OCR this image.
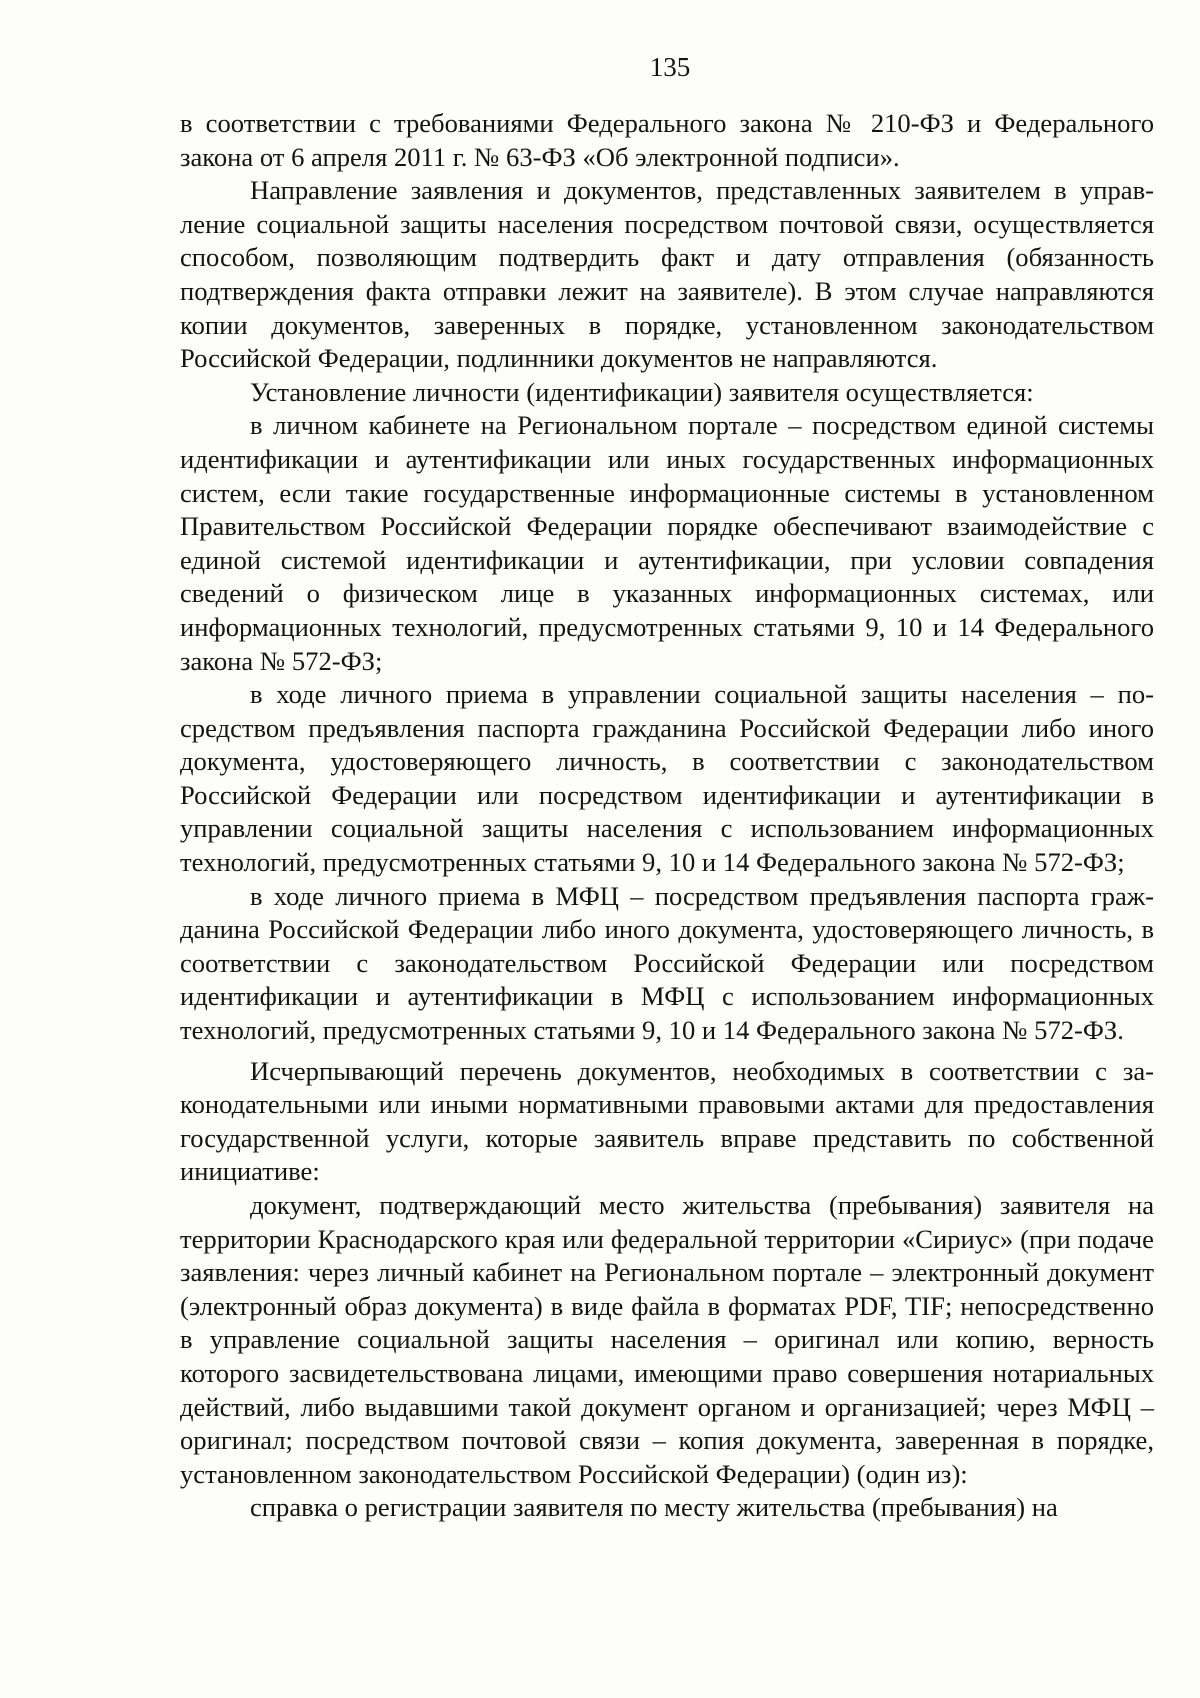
135

в соответствии с требованиями Федерального закона № 210-ФЗ и Федерального закона от 6 апреля 2011 г. № 63-ФЗ «Об электронной подписи».

Направление заявления и документов, представленных заявителем в управление социальной защиты населения посредством почтовой связи, осуществляется способом, позволяющим подтвердить факт и дату отправления (обязанность подтверждения факта отправки лежит на заявителе). В этом случае направляются копии документов, заверенных в порядке, установленном законодательством Российской Федерации, подлинники документов не направляются.

Установление личности (идентификации) заявителя осуществляется:

в личном кабинете на Региональном портале – посредством единой системы идентификации и аутентификации или иных государственных информационных систем, если такие государственные информационные системы в установленном Правительством Российской Федерации порядке обеспечивают взаимодействие с единой системой идентификации и аутентификации, при условии совпадения сведений о физическом лице в указанных информационных системах, или информационных технологий, предусмотренных статьями 9, 10 и 14 Федерального закона № 572-ФЗ;

в ходе личного приема в управлении социальной защиты населения – посредством предъявления паспорта гражданина Российской Федерации либо иного документа, удостоверяющего личность, в соответствии с законодательством Российской Федерации или посредством идентификации и аутентификации в управлении социальной защиты населения с использованием информационных технологий, предусмотренных статьями 9, 10 и 14 Федерального закона № 572-ФЗ;

в ходе личного приема в МФЦ – посредством предъявления паспорта гражданина Российской Федерации либо иного документа, удостоверяющего личность, в соответствии с законодательством Российской Федерации или посредством идентификации и аутентификации в МФЦ с использованием информационных технологий, предусмотренных статьями 9, 10 и 14 Федерального закона № 572-ФЗ.

Исчерпывающий перечень документов, необходимых в соответствии с законодательными или иными нормативными правовыми актами для предоставления государственной услуги, которые заявитель вправе представить по собственной инициативе:

документ, подтверждающий место жительства (пребывания) заявителя на территории Краснодарского края или федеральной территории «Сириус» (при подаче заявления: через личный кабинет на Региональном портале – электронный документ (электронный образ документа) в виде файла в форматах PDF, TIF; непосредственно в управление социальной защиты населения – оригинал или копию, верность которого засвидетельствована лицами, имеющими право совершения нотариальных действий, либо выдавшими такой документ органом и организацией; через МФЦ – оригинал; посредством почтовой связи – копия документа, заверенная в порядке, установленном законодательством Российской Федерации) (один из):

справка о регистрации заявителя по месту жительства (пребывания) на
